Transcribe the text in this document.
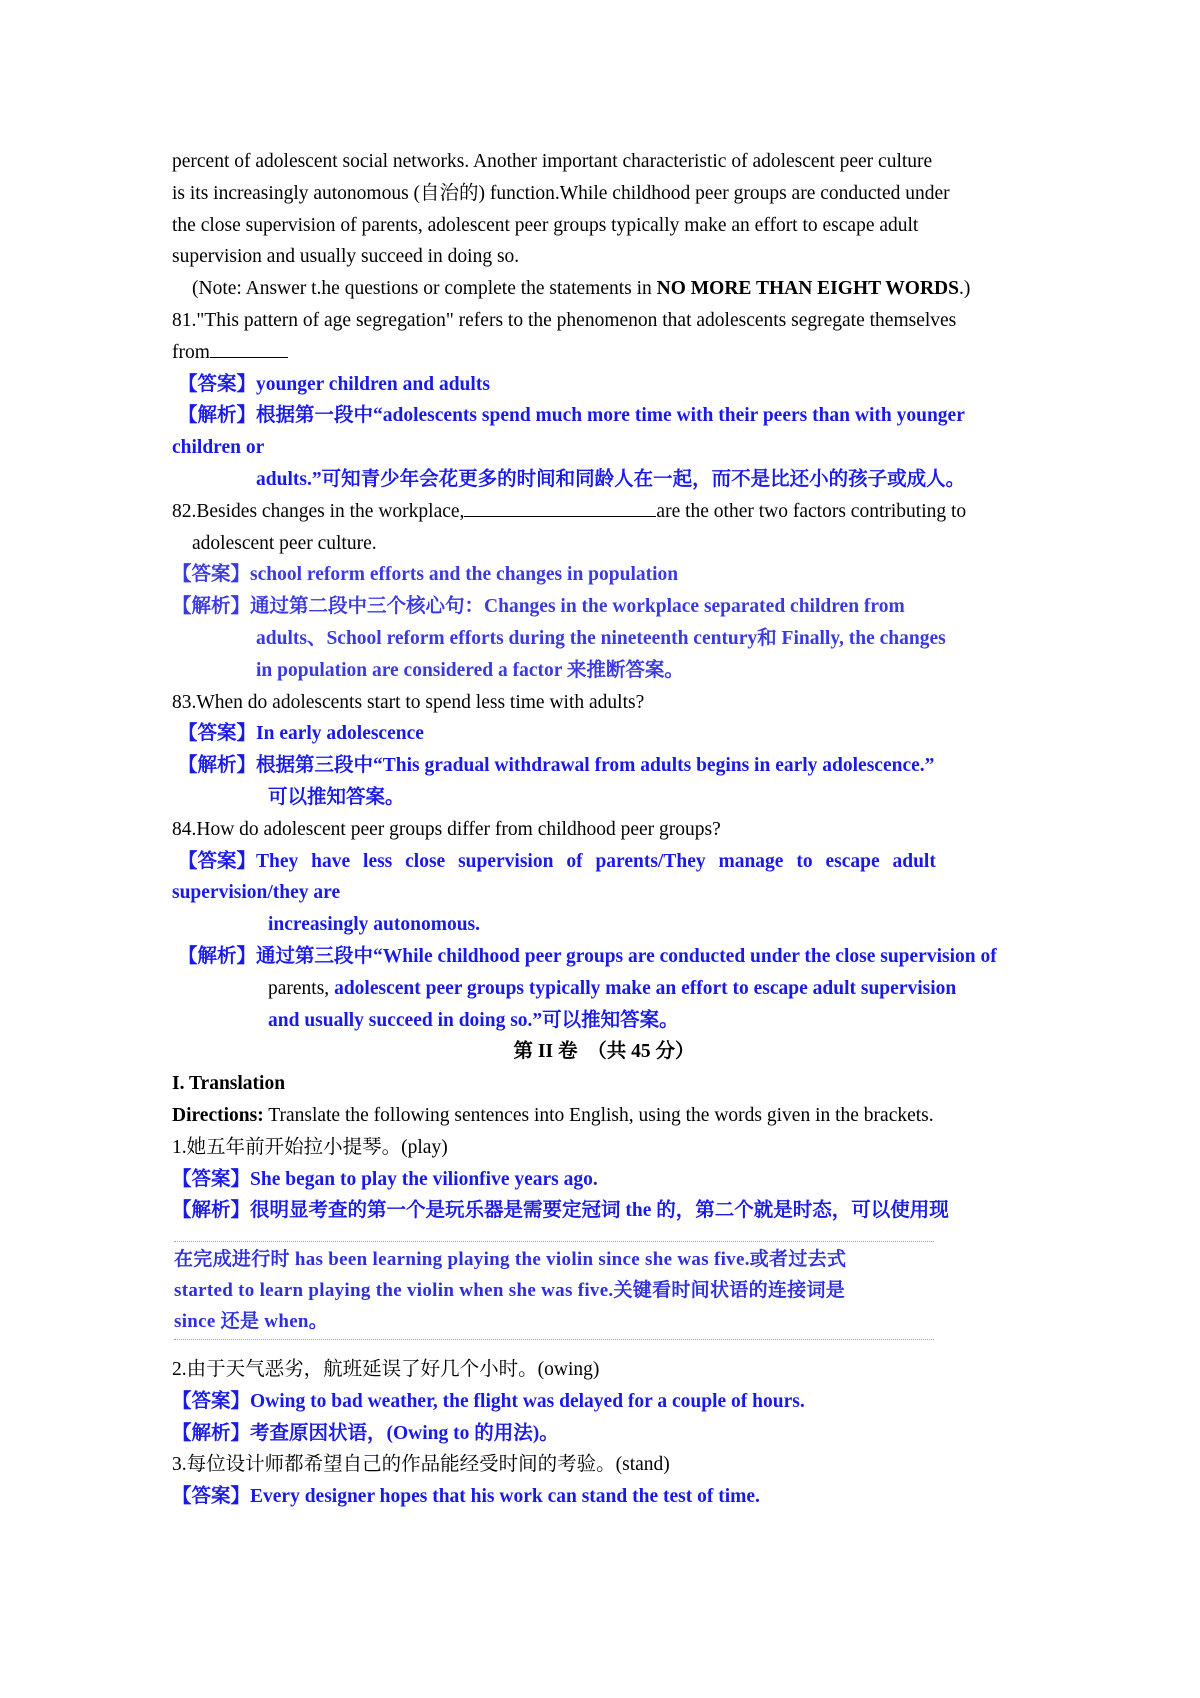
percent of adolescent social networks. Another important characteristic of adolescent peer culture

is its increasingly autonomous (自治的) function.While childhood peer groups are conducted under

the close supervision of parents, adolescent peer groups typically make an effort to escape adult

supervision and usually succeed in doing so.

(Note: Answer t.he questions or complete the statements in NO MORE THAN EIGHT WORDS.)

81."This pattern of age segregation" refers to the phenomenon that adolescents segregate themselves

from

【答案】younger children and adults

【解析】根据第一段中“adolescents spend much more time with their peers than with younger

children or

adults.”可知青少年会花更多的时间和同龄人在一起，而不是比还小的孩子或成人。

82.Besides changes in the workplace,	are the other two factors contributing to

adolescent peer culture.

【答案】school reform efforts and the changes in population

【解析】通过第二段中三个核心句：Changes in the workplace separated children from

adults、School reform efforts during the nineteenth century和 Finally, the changes

in population are considered a factor 来推断答案。

83.When do adolescents start to spend less time with adults?

【答案】In early adolescence

【解析】根据第三段中“This gradual withdrawal from adults begins in early adolescence.”

可以推知答案。

84.How do adolescent peer groups differ from childhood peer groups?

【答案】They have less close supervision of parents/They manage to escape adult

supervision/they are

increasingly autonomous.

【解析】通过第三段中“While childhood peer groups are conducted under the close supervision of

parents, adolescent peer groups typically make an effort to escape adult supervision

and usually succeed in doing so.”可以推知答案。

第 II 卷　（共 45 分）

I. Translation

Directions: Translate the following sentences into English, using the words given in the brackets.

1.她五年前开始拉小提琴。(play)

【答案】She began to play the vilionfive years ago.

【解析】很明显考查的第一个是玩乐器是需要定冠词 the 的，第二个就是时态，可以使用现

在完成进行时 has been learning playing the violin since she was five.或者过去式
started to learn playing the violin when she was five.关键看时间状语的连接词是
since 还是 when。

2.由于天气恶劣，航班延误了好几个小时。(owing)

【答案】Owing to bad weather, the flight was delayed for a couple of hours.

【解析】考查原因状语，(Owing to 的用法)。

3.每位设计师都希望自己的作品能经受时间的考验。(stand)

【答案】Every designer hopes that his work can stand the test of time.
